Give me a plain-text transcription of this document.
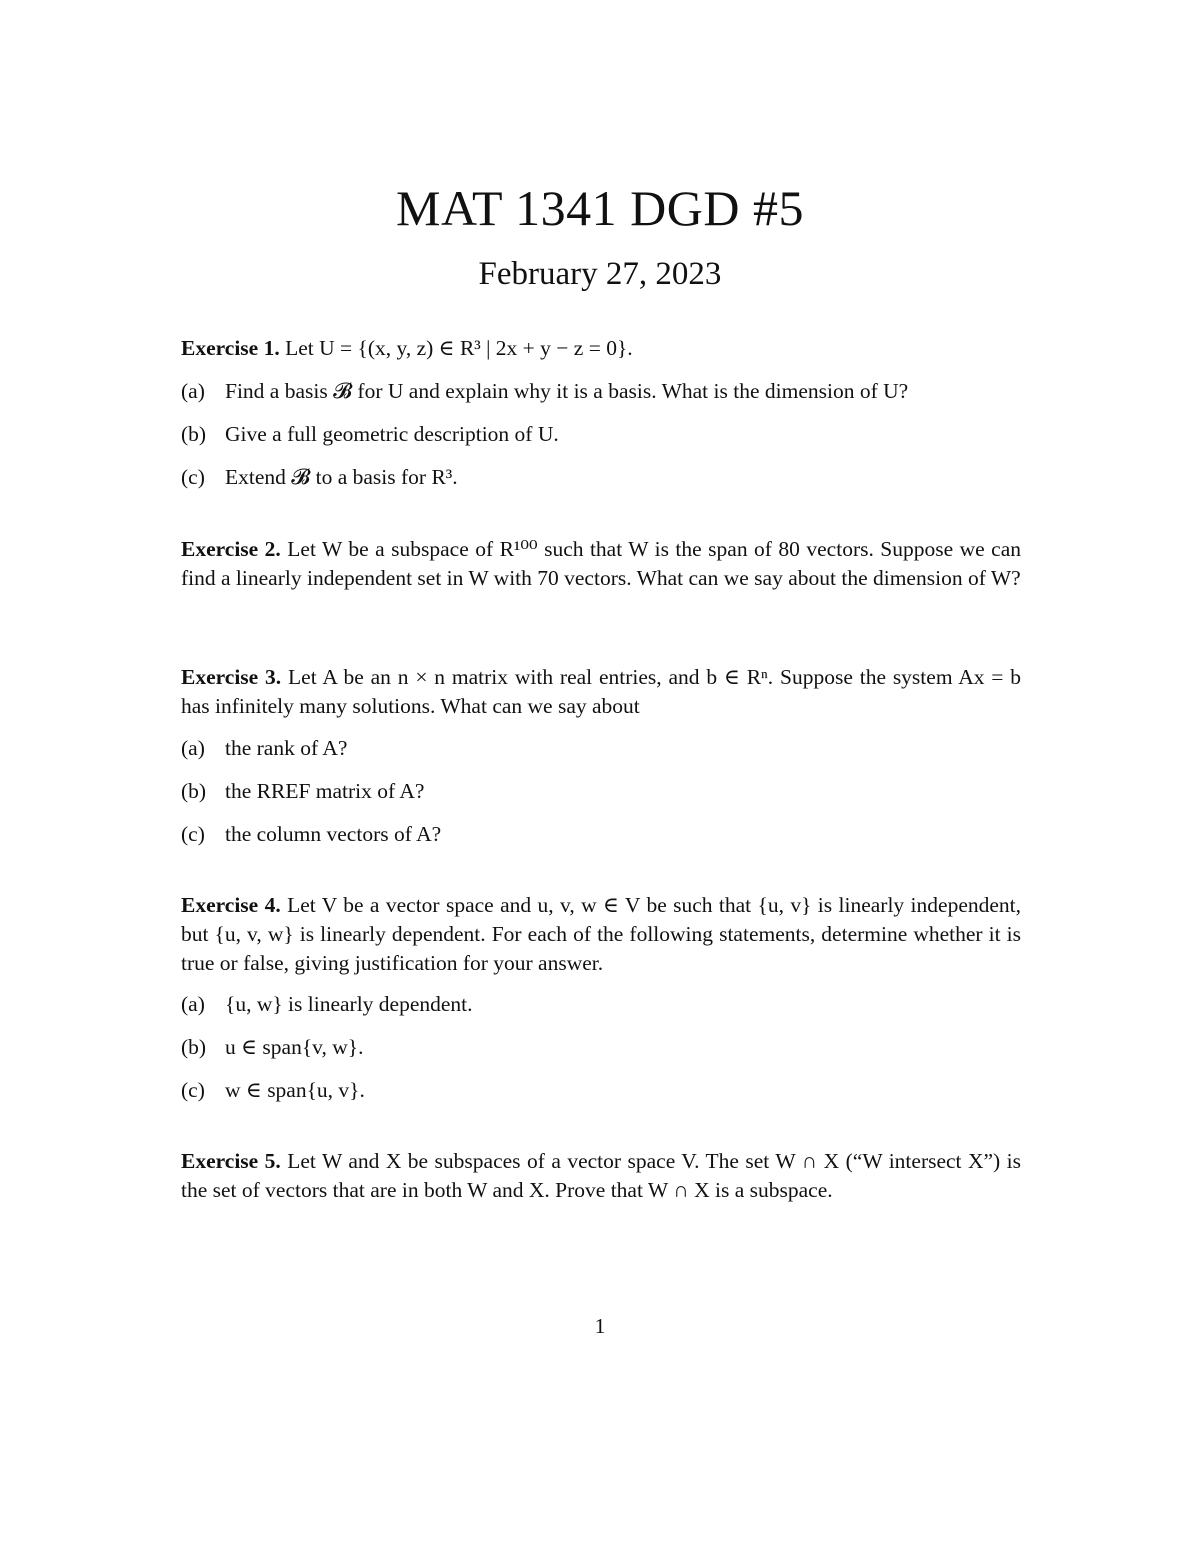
MAT 1341 DGD #5
February 27, 2023
Exercise 1. Let U = {(x, y, z) ∈ R³ | 2x + y − z = 0}.
(a) Find a basis 𝓑 for U and explain why it is a basis. What is the dimension of U?
(b) Give a full geometric description of U.
(c) Extend 𝓑 to a basis for R³.
Exercise 2. Let W be a subspace of R¹⁰⁰ such that W is the span of 80 vectors. Suppose we can find a linearly independent set in W with 70 vectors. What can we say about the dimension of W?
Exercise 3. Let A be an n × n matrix with real entries, and b ∈ Rⁿ. Suppose the system Ax = b has infinitely many solutions. What can we say about
(a) the rank of A?
(b) the RREF matrix of A?
(c) the column vectors of A?
Exercise 4. Let V be a vector space and u, v, w ∈ V be such that {u, v} is linearly independent, but {u, v, w} is linearly dependent. For each of the following statements, determine whether it is true or false, giving justification for your answer.
(a) {u, w} is linearly dependent.
(b) u ∈ span{v, w}.
(c) w ∈ span{u, v}.
Exercise 5. Let W and X be subspaces of a vector space V. The set W ∩ X (“W intersect X”) is the set of vectors that are in both W and X. Prove that W ∩ X is a subspace.
1
